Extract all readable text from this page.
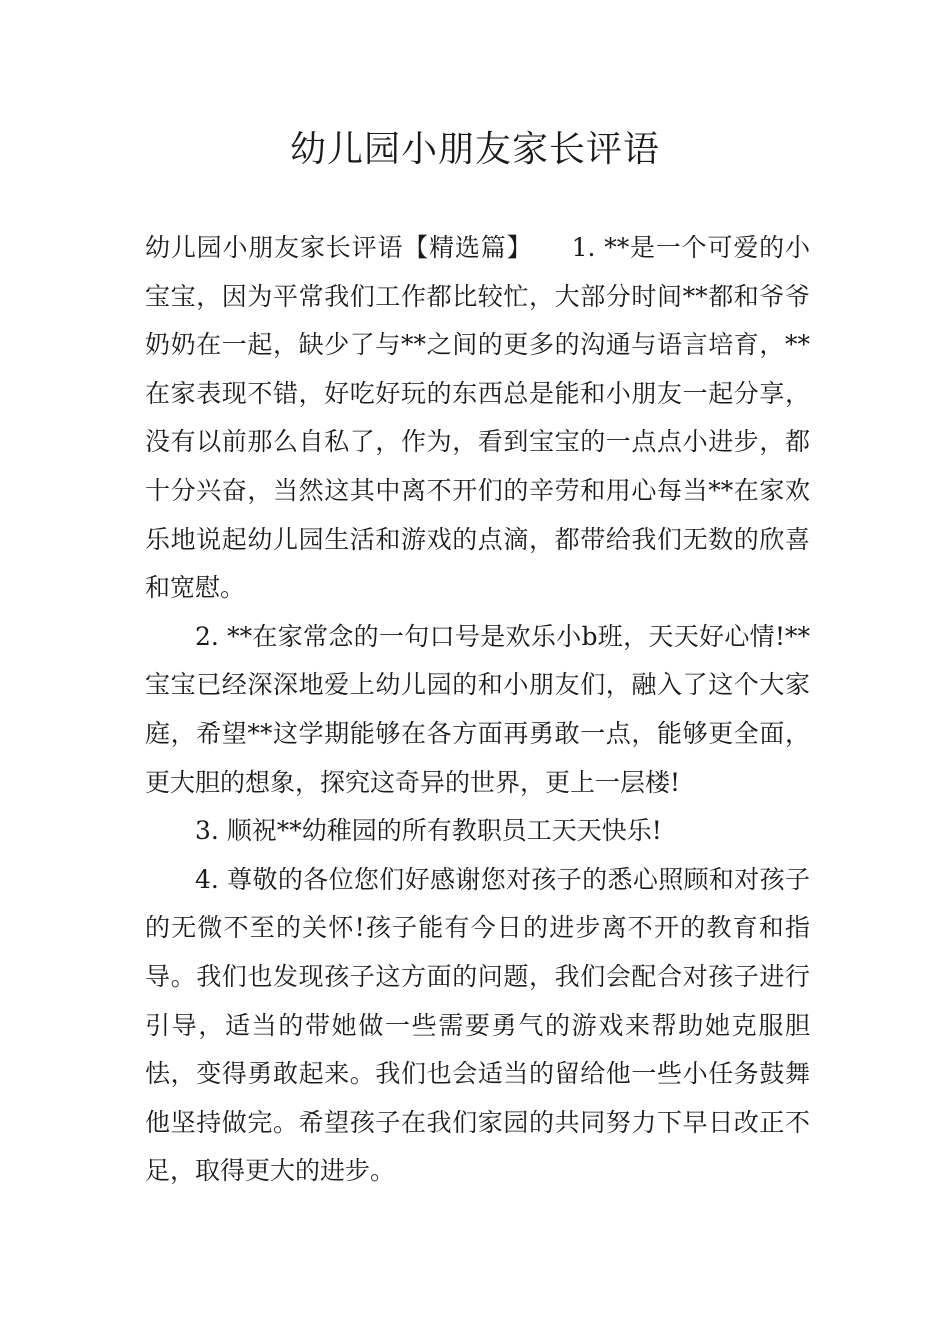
幼儿园小朋友家长评语

幼儿园小朋友家长评语【精选篇】　　1. **是一个可爱的小宝宝，因为平常我们工作都比较忙，大部分时间**都和爷爷奶奶在一起，缺少了与**之间的更多的沟通与语言培育，**在家表现不错，好吃好玩的东西总是能和小朋友一起分享，没有以前那么自私了，作为，看到宝宝的一点点小进步，都十分兴奋，当然这其中离不开们的辛劳和用心每当**在家欢乐地说起幼儿园生活和游戏的点滴，都带给我们无数的欣喜和宽慰。

2. **在家常念的一句口号是欢乐小b班，天天好心情!**宝宝已经深深地爱上幼儿园的和小朋友们，融入了这个大家庭，希望**这学期能够在各方面再勇敢一点，能够更全面，更大胆的想象，探究这奇异的世界，更上一层楼!

3. 顺祝**幼稚园的所有教职员工天天快乐!

4. 尊敬的各位您们好感谢您对孩子的悉心照顾和对孩子的无微不至的关怀!孩子能有今日的进步离不开的教育和指导。我们也发现孩子这方面的问题，我们会配合对孩子进行引导，适当的带她做一些需要勇气的游戏来帮助她克服胆怯，变得勇敢起来。我们也会适当的留给他一些小任务鼓舞他坚持做完。希望孩子在我们家园的共同努力下早日改正不足，取得更大的进步。
